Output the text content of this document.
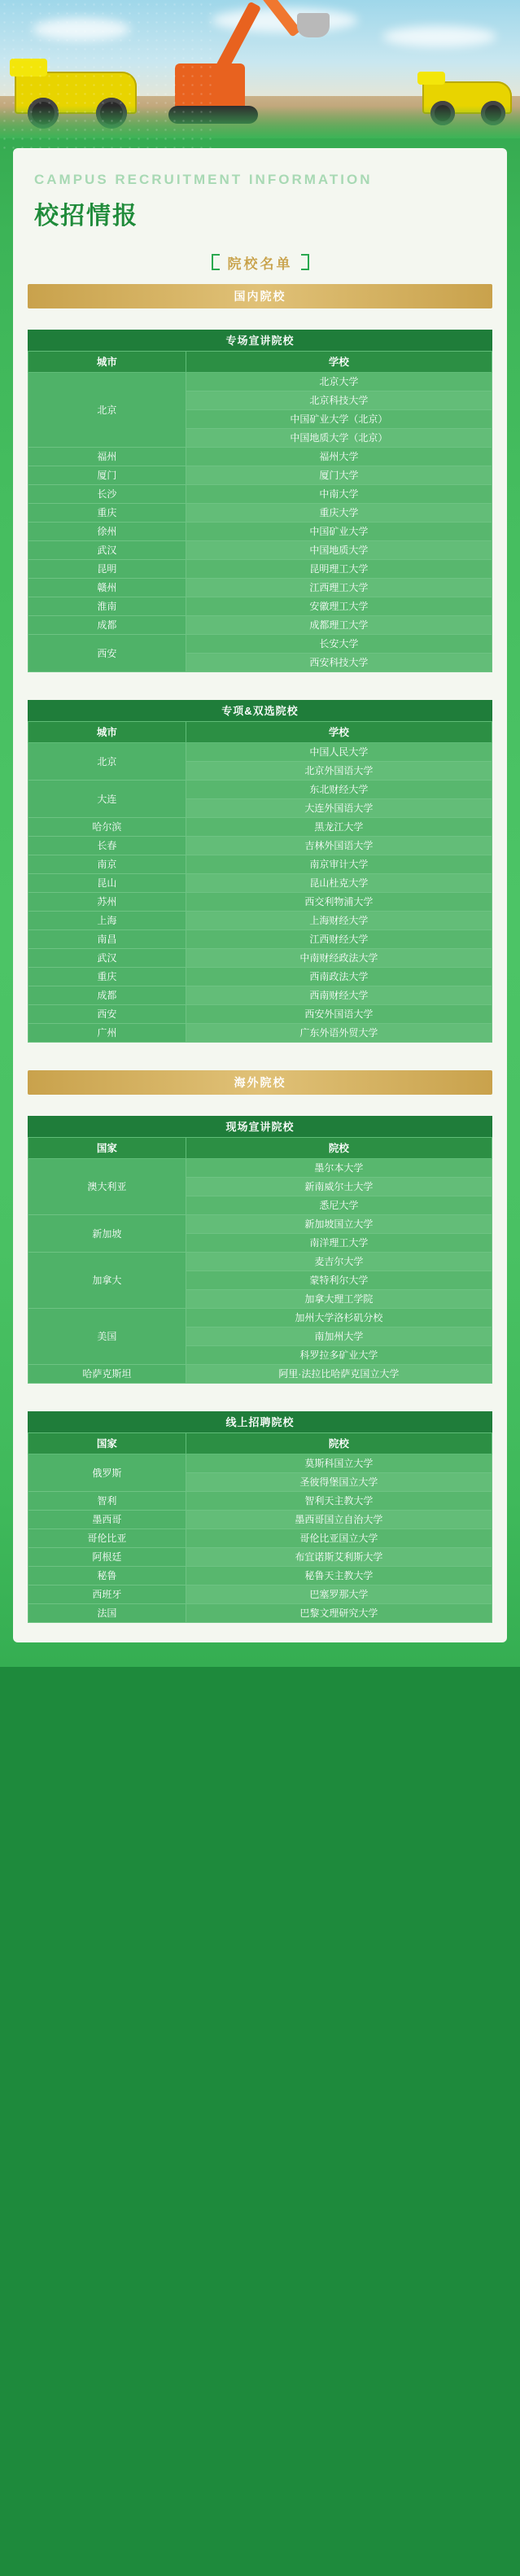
CAMPUS RECRUITMENT INFORMATION
校招情报
院校名单
国内院校
专场宣讲院校
城市	学校
北京	北京大学
	北京科技大学
	中国矿业大学（北京）
	中国地质大学（北京）
福州	福州大学
厦门	厦门大学
长沙	中南大学
重庆	重庆大学
徐州	中国矿业大学
武汉	中国地质大学
昆明	昆明理工大学
赣州	江西理工大学
淮南	安徽理工大学
成都	成都理工大学
西安	长安大学
	西安科技大学
专项&双选院校
城市	学校
北京	中国人民大学
	北京外国语大学
大连	东北财经大学
	大连外国语大学
哈尔滨	黑龙江大学
长春	吉林外国语大学
南京	南京审计大学
昆山	昆山杜克大学
苏州	西交利物浦大学
上海	上海财经大学
南昌	江西财经大学
武汉	中南财经政法大学
重庆	西南政法大学
成都	西南财经大学
西安	西安外国语大学
广州	广东外语外贸大学
海外院校
现场宣讲院校
国家	院校
澳大利亚	墨尔本大学
	新南威尔士大学
	悉尼大学
新加坡	新加坡国立大学
	南洋理工大学
加拿大	麦吉尔大学
	蒙特利尔大学
	加拿大理工学院
美国	加州大学洛杉矶分校
	南加州大学
	科罗拉多矿业大学
哈萨克斯坦	阿里·法拉比哈萨克国立大学
线上招聘院校
国家	院校
俄罗斯	莫斯科国立大学
	圣彼得堡国立大学
智利	智利天主教大学
墨西哥	墨西哥国立自治大学
哥伦比亚	哥伦比亚国立大学
阿根廷	布宜诺斯艾利斯大学
秘鲁	秘鲁天主教大学
西班牙	巴塞罗那大学
法国	巴黎文理研究大学
